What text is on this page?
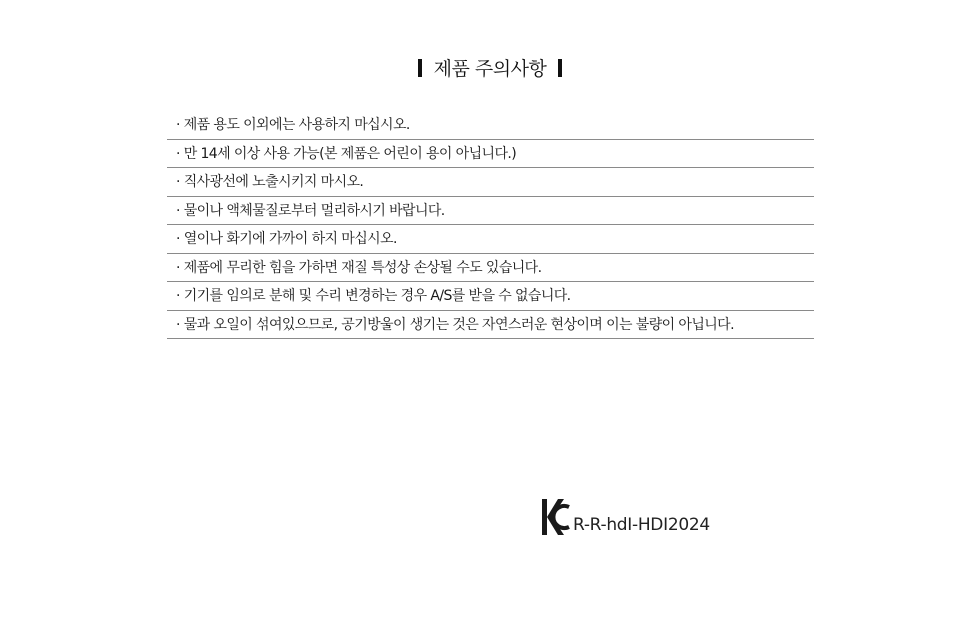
제품 주의사항
· 제품 용도 이외에는 사용하지 마십시오.
· 만 14세 이상 사용 가능(본 제품은 어린이 용이 아닙니다.)
· 직사광선에 노출시키지 마시오.
· 물이나 액체물질로부터 멀리하시기 바랍니다.
· 열이나 화기에 가까이 하지 마십시오.
· 제품에 무리한 힘을 가하면 재질 특성상 손상될 수도 있습니다.
· 기기를 임의로 분해 및 수리 변경하는 경우 A/S를 받을 수 없습니다.
· 물과 오일이 섞여있으므로, 공기방울이 생기는 것은 자연스러운 현상이며 이는 불량이 아닙니다.
R-R-hdI-HDI2024
